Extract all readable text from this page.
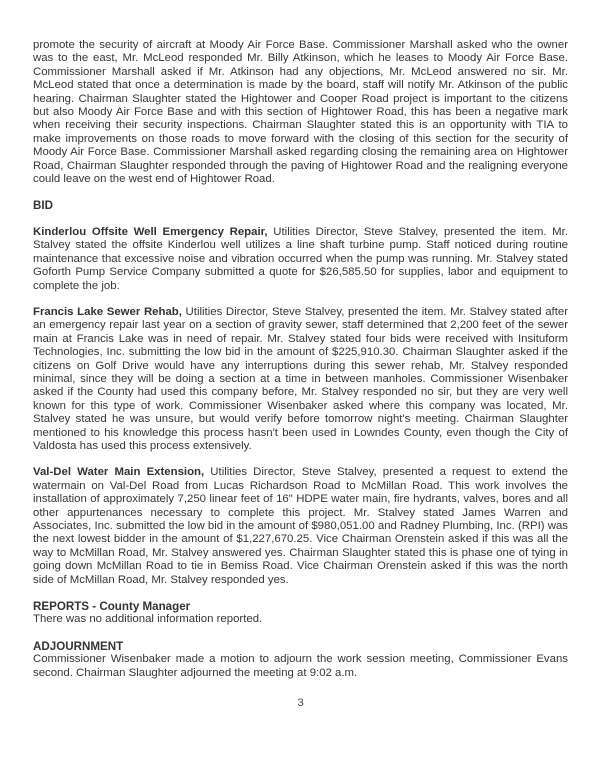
promote the security of aircraft at Moody Air Force Base. Commissioner Marshall asked who the owner was to the east, Mr. McLeod responded Mr. Billy Atkinson, which he leases to Moody Air Force Base. Commissioner Marshall asked if Mr. Atkinson had any objections, Mr. McLeod answered no sir. Mr. McLeod stated that once a determination is made by the board, staff will notify Mr. Atkinson of the public hearing. Chairman Slaughter stated the Hightower and Cooper Road project is important to the citizens but also Moody Air Force Base and with this section of Hightower Road, this has been a negative mark when receiving their security inspections. Chairman Slaughter stated this is an opportunity with TIA to make improvements on those roads to move forward with the closing of this section for the security of Moody Air Force Base. Commissioner Marshall asked regarding closing the remaining area on Hightower Road, Chairman Slaughter responded through the paving of Hightower Road and the realigning everyone could leave on the west end of Hightower Road.

BID

Kinderlou Offsite Well Emergency Repair, Utilities Director, Steve Stalvey, presented the item. Mr. Stalvey stated the offsite Kinderlou well utilizes a line shaft turbine pump. Staff noticed during routine maintenance that excessive noise and vibration occurred when the pump was running. Mr. Stalvey stated Goforth Pump Service Company submitted a quote for $26,585.50 for supplies, labor and equipment to complete the job.

Francis Lake Sewer Rehab, Utilities Director, Steve Stalvey, presented the item. Mr. Stalvey stated after an emergency repair last year on a section of gravity sewer, staff determined that 2,200 feet of the sewer main at Francis Lake was in need of repair. Mr. Stalvey stated four bids were received with Insituform Technologies, Inc. submitting the low bid in the amount of $225,910.30. Chairman Slaughter asked if the citizens on Golf Drive would have any interruptions during this sewer rehab, Mr. Stalvey responded minimal, since they will be doing a section at a time in between manholes. Commissioner Wisenbaker asked if the County had used this company before, Mr. Stalvey responded no sir, but they are very well known for this type of work. Commissioner Wisenbaker asked where this company was located, Mr. Stalvey stated he was unsure, but would verify before tomorrow night's meeting. Chairman Slaughter mentioned to his knowledge this process hasn't been used in Lowndes County, even though the City of Valdosta has used this process extensively.

Val-Del Water Main Extension, Utilities Director, Steve Stalvey, presented a request to extend the watermain on Val-Del Road from Lucas Richardson Road to McMillan Road. This work involves the installation of approximately 7,250 linear feet of 16" HDPE water main, fire hydrants, valves, bores and all other appurtenances necessary to complete this project. Mr. Stalvey stated James Warren and Associates, Inc. submitted the low bid in the amount of $980,051.00 and Radney Plumbing, Inc. (RPI) was the next lowest bidder in the amount of $1,227,670.25. Vice Chairman Orenstein asked if this was all the way to McMillan Road, Mr. Stalvey answered yes. Chairman Slaughter stated this is phase one of tying in going down McMillan Road to tie in Bemiss Road. Vice Chairman Orenstein asked if this was the north side of McMillan Road, Mr. Stalvey responded yes.

REPORTS - County Manager

There was no additional information reported.

ADJOURNMENT

Commissioner Wisenbaker made a motion to adjourn the work session meeting, Commissioner Evans second. Chairman Slaughter adjourned the meeting at 9:02 a.m.

3
